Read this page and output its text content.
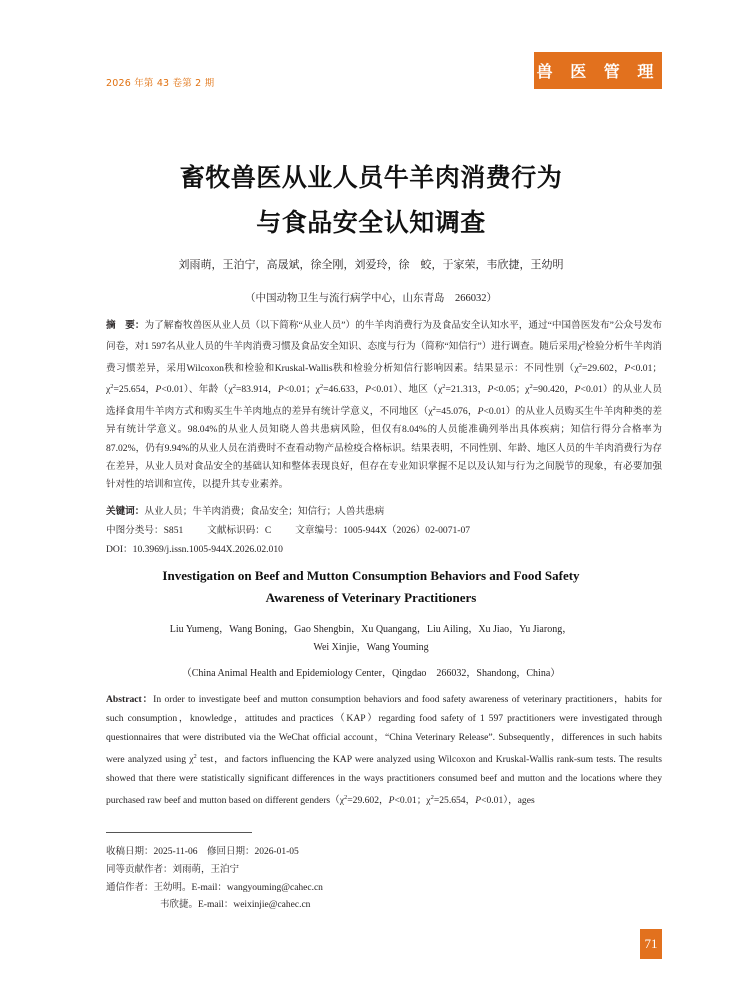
2026 年第 43 卷第 2 期
兽 医 管 理
畜牧兽医从业人员牛羊肉消费行为
与食品安全认知调查
刘雨萌，王泊宁，高晟斌，徐全刚，刘爱玲，徐　蛟，于家荣，韦欣捷，王幼明
（中国动物卫生与流行病学中心，山东青岛　266032）
摘　要：为了解畜牧兽医从业人员（以下简称“从业人员”）的牛羊肉消费行为及食品安全认知水平，通过“中国兽医发布”公众号发布问卷，对1 597名从业人员的牛羊肉消费习惯及食品安全知识、态度与行为（简称“知信行”）进行调查。随后采用$\chi^2$检验分析牛羊肉消费习惯差异，采用Wilcoxon秩和检验和Kruskal-Wallis秩和检验分析知信行影响因素。结果显示：不同性别（$\chi^2=29.602$，P<0.01；$\chi^2=25.654$，P<0.01）、年龄（$\chi^2=83.914$，P<0.01；$\chi^2=46.633$，P<0.01）、地区（$\chi^2=21.313$，P<0.05；$\chi^2=90.420$，P<0.01）的从业人员选择食用牛羊肉方式和购买生牛羊肉地点的差异有统计学意义，不同地区（$\chi^2=45.076$，P<0.01）的从业人员购买生牛羊肉种类的差异有统计学意义。98.04%的从业人员知晓人兽共患病风险，但仅有8.04%的人员能准确列举出具体疾病；知信行得分合格率为87.02%，仍有9.94%的从业人员在消费时不查看动物产品检疫合格标识。结果表明，不同性别、年龄、地区人员的牛羊肉消费行为存在差异，从业人员对食品安全的基础认知和整体表现良好，但存在专业知识掌握不足以及认知与行为之间脱节的现象，有必要加强针对性的培训和宣传，以提升其专业素养。
关键词：从业人员；牛羊肉消费；食品安全；知信行；人兽共患病
中图分类号：S851	文献标识码：C	文章编号：1005-944X（2026）02-0071-07
DOI：10.3969/j.issn.1005-944X.2026.02.010
Investigation on Beef and Mutton Consumption Behaviors and Food Safety
Awareness of Veterinary Practitioners
Liu Yumeng，Wang Boning，Gao Shengbin，Xu Quangang，Liu Ailing，Xu Jiao，Yu Jiarong，
Wei Xinjie，Wang Youming
（China Animal Health and Epidemiology Center，Qingdao　266032，Shandong，China）
Abstract：In order to investigate beef and mutton consumption behaviors and food safety awareness of veterinary practitioners，habits for such consumption，knowledge，attitudes and practices（KAP）regarding food safety of 1 597 practitioners were investigated through questionnaires that were distributed via the WeChat official account，“China Veterinary Release”. Subsequently，differences in such habits were analyzed using $\chi^2$ test，and factors influencing the KAP were analyzed using Wilcoxon and Kruskal-Wallis rank-sum tests. The results showed that there were statistically significant differences in the ways practitioners consumed beef and mutton and the locations where they purchased raw beef and mutton based on different $genders(\chi^2=29.602$，P<0.01；$\chi^2=25.654$，P<0.01），ages
收稿日期：2025-11-06　修回日期：2026-01-05
同等贡献作者：刘雨萌，王泊宁
通信作者：王幼明。E-mail：wangyouming@cahec.cn
韦欣捷。E-mail：weixinjie@cahec.cn
71
